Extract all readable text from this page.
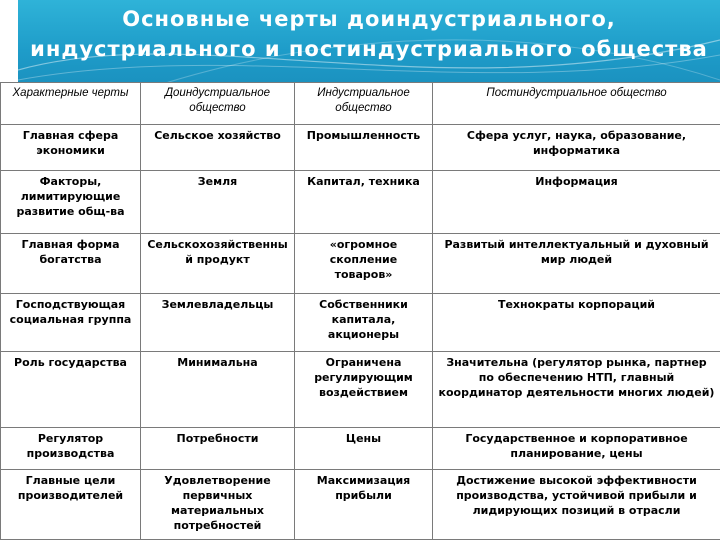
Основные черты доиндустриального, индустриального и постиндустриального общества
Характерные черты	Доиндустриальное общество	Индустриальное общество	Постиндустриальное общество
Главная сфера экономики	Сельское хозяйство	Промышленность	Сфера услуг, наука, образование, информатика
Факторы, лимитирующие развитие общ-ва	Земля	Капитал, техника	Информация
Главная форма богатства	Сельскохозяйственный продукт	«огромное скопление товаров»	Развитый интеллектуальный и духовный мир людей
Господствующая социальная группа	Землевладельцы	Собственники капитала, акционеры	Технократы корпораций
Роль государства	Минимальна	Ограничена регулирующим воздействием	Значительна (регулятор рынка, партнер по обеспечению НТП, главный координатор деятельности многих людей)
Регулятор производства	Потребности	Цены	Государственное и корпоративное планирование, цены
Главные цели производителей	Удовлетворение первичных материальных потребностей	Максимизация прибыли	Достижение высокой эффективности производства, устойчивой прибыли и лидирующих позиций в отрасли
